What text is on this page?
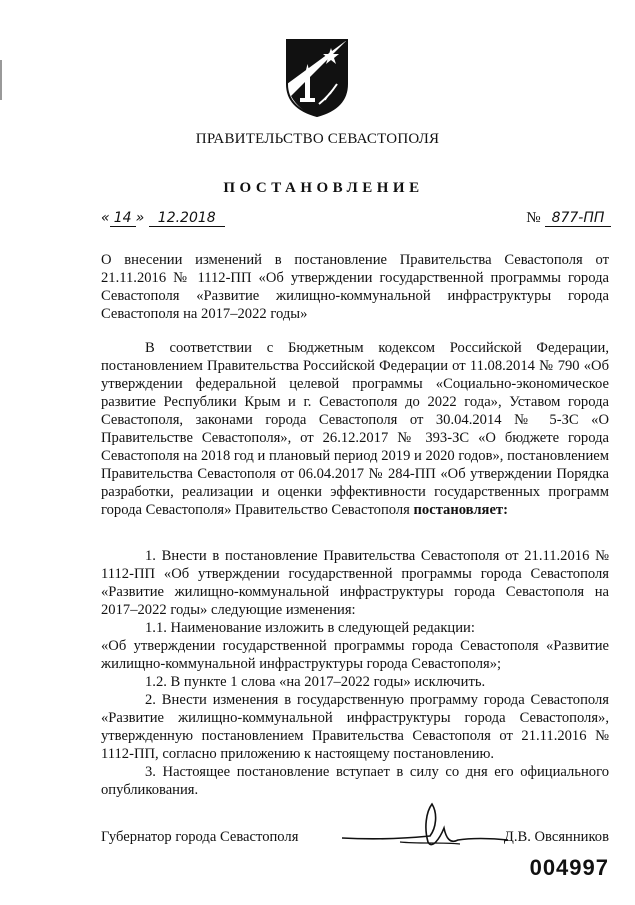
ПРАВИТЕЛЬСТВО СЕВАСТОПОЛЯ
ПОСТАНОВЛЕНИЕ
« 14 » 12.2018	№ 877-ПП

О внесении изменений в постановление Правительства Севастополя от 21.11.2016 № 1112-ПП «Об утверждении государственной программы города Севастополя «Развитие жилищно-коммунальной инфраструктуры города Севастополя на 2017–2022 годы»

В соответствии с Бюджетным кодексом Российской Федерации, постановлением Правительства Российской Федерации от 11.08.2014 № 790 «Об утверждении федеральной целевой программы «Социально-экономическое развитие Республики Крым и г. Севастополя до 2022 года», Уставом города Севастополя, законами города Севастополя от 30.04.2014 № 5-ЗС «О Правительстве Севастополя», от 26.12.2017 № 393-ЗС «О бюджете города Севастополя на 2018 год и плановый период 2019 и 2020 годов», постановлением Правительства Севастополя от 06.04.2017 № 284-ПП «Об утверждении Порядка разработки, реализации и оценки эффективности государственных программ города Севастополя» Правительство Севастополя постановляет:

1. Внести в постановление Правительства Севастополя от 21.11.2016 № 1112-ПП «Об утверждении государственной программы города Севастополя «Развитие жилищно-коммунальной инфраструктуры города Севастополя на 2017–2022 годы» следующие изменения:

1.1. Наименование изложить в следующей редакции:

«Об утверждении государственной программы города Севастополя «Развитие жилищно-коммунальной инфраструктуры города Севастополя»;

1.2. В пункте 1 слова «на 2017–2022 годы» исключить.

2. Внести изменения в государственную программу города Севастополя «Развитие жилищно-коммунальной инфраструктуры города Севастополя», утвержденную постановлением Правительства Севастополя от 21.11.2016 № 1112-ПП, согласно приложению к настоящему постановлению.

3. Настоящее постановление вступает в силу со дня его официального опубликования.

Губернатор города Севастополя	Д.В. Овсянников
004997
